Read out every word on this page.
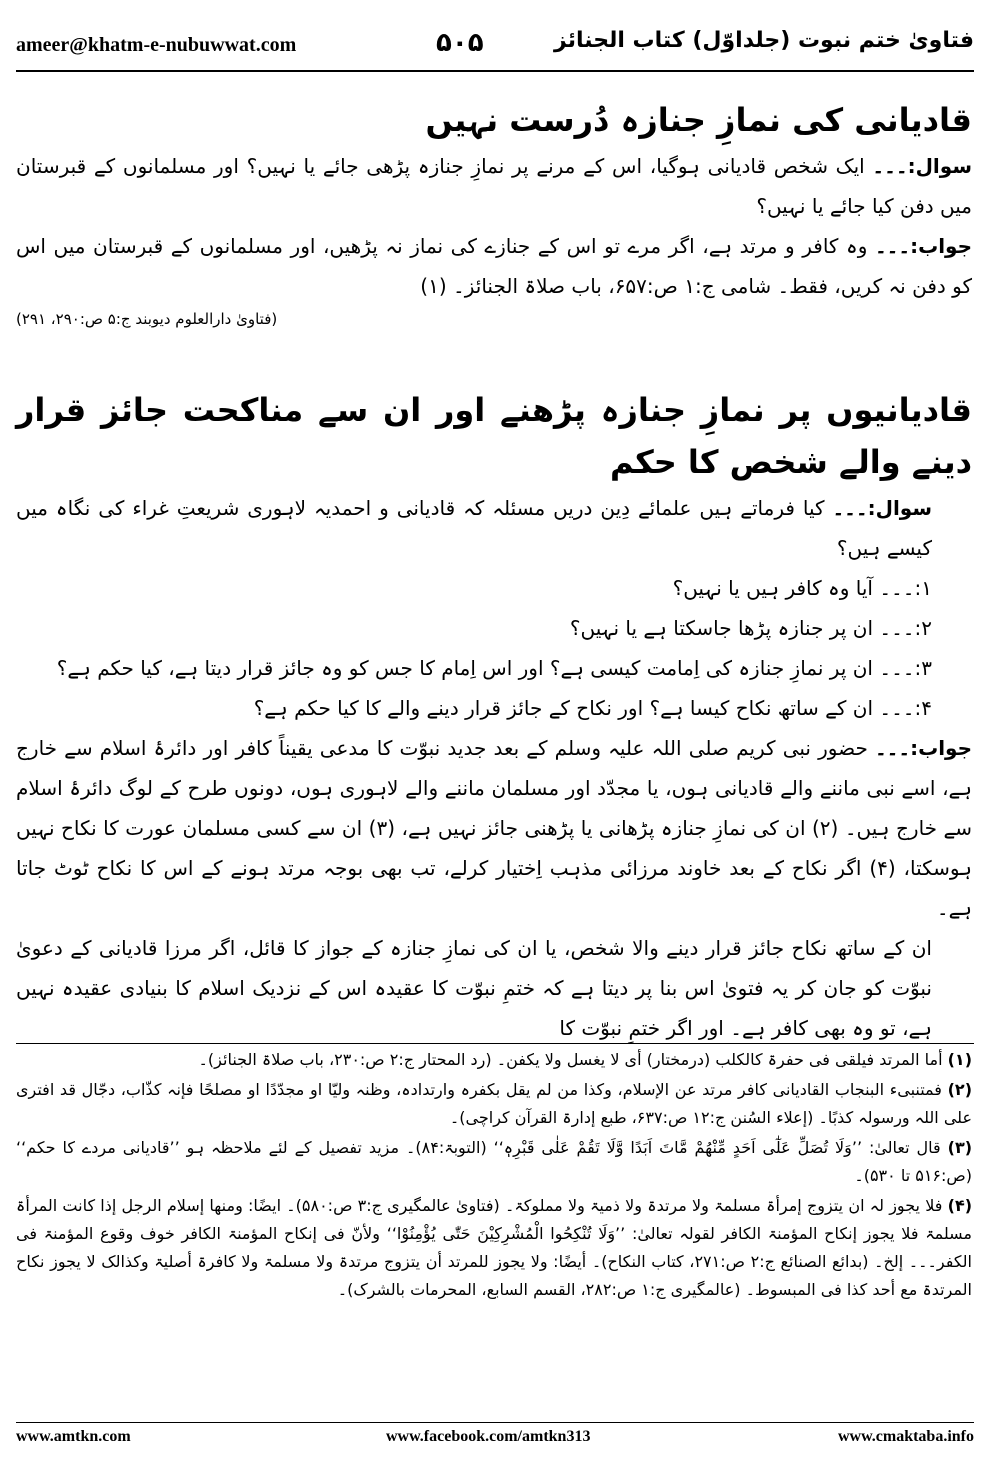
ameer@khatm-e-nubuwwat.com	۵۰۵	فتاویٰ ختم نبوت (جلداوّل) کتاب الجنائز
قادیانی کی نمازِ جنازہ دُرست نہیں

سوال:۔۔۔ ایک شخص قادیانی ہوگیا، اس کے مرنے پر نمازِ جنازہ پڑھی جائے یا نہیں؟ اور مسلمانوں کے قبرستان میں دفن کیا جائے یا نہیں؟

جواب:۔۔۔ وہ کافر و مرتد ہے، اگر مرے تو اس کے جنازے کی نماز نہ پڑھیں، اور مسلمانوں کے قبرستان میں اس کو دفن نہ کریں، فقط۔ شامی ج:۱ ص:۶۵۷، باب صلاۃ الجنائز۔ (۱)

(فتاویٰ دارالعلوم دیوبند ج:۵ ص:۲۹۰، ۲۹۱)
قادیانیوں پر نمازِ جنازہ پڑھنے اور ان سے مناکحت جائز قرار دینے والے شخص کا حکم

سوال:۔۔۔ کیا فرماتے ہیں علمائے دِین دریں مسئلہ کہ قادیانی و احمدیہ لاہوری شریعتِ غراء کی نگاہ میں کیسے ہیں؟

۱:۔۔۔ آیا وہ کافر ہیں یا نہیں؟

۲:۔۔۔ ان پر جنازہ پڑھا جاسکتا ہے یا نہیں؟

۳:۔۔۔ ان پر نمازِ جنازہ کی اِمامت کیسی ہے؟ اور اس اِمام کا جس کو وہ جائز قرار دیتا ہے، کیا حکم ہے؟

۴:۔۔۔ ان کے ساتھ نکاح کیسا ہے؟ اور نکاح کے جائز قرار دینے والے کا کیا حکم ہے؟

جواب:۔۔۔ حضور نبی کریم صلی اللہ علیہ وسلم کے بعد جدید نبوّت کا مدعی یقیناً کافر اور دائرۂ اسلام سے خارج ہے، اسے نبی ماننے والے قادیانی ہوں، یا مجدّد اور مسلمان ماننے والے لاہوری ہوں، دونوں طرح کے لوگ دائرۂ اسلام سے خارج ہیں۔ (۲) ان کی نمازِ جنازہ پڑھانی یا پڑھنی جائز نہیں ہے، (۳) ان سے کسی مسلمان عورت کا نکاح نہیں ہوسکتا، (۴) اگر نکاح کے بعد خاوند مرزائی مذہب اِختیار کرلے، تب بھی بوجہ مرتد ہونے کے اس کا نکاح ٹوٹ جاتا ہے۔

ان کے ساتھ نکاح جائز قرار دینے والا شخص، یا ان کی نمازِ جنازہ کے جواز کا قائل، اگر مرزا قادیانی کے دعویٰ نبوّت کو جان کر یہ فتویٰ اس بنا پر دیتا ہے کہ ختمِ نبوّت کا عقیدہ اس کے نزدیک اسلام کا بنیادی عقیدہ نہیں ہے، تو وہ بھی کافر ہے۔ اور اگر ختمِ نبوّت کا

(۱) أما المرتد فیلقی فی حفرۃ کالکلب (درمختار) أی لا یغسل ولا یکفن۔ (رد المحتار ج:۲ ص:۲۳۰، باب صلاۃ الجنائز)۔

(۲) فمتنبیء البنجاب القادیانی کافر مرتد عن الإسلام، وکذا من لم یقل بکفرہ وارتدادہ، وظنہ ولیّا او مجدّدًا او مصلحًا فإنہ کذّاب، دجّال قد افتری علی اللہ ورسولہ کذبًا۔ (إعلاء السُنن ج:۱۲ ص:۶۳۷، طبع إدارۃ القرآن کراچی)۔

(۳) قال تعالیٰ: ’’وَلَا تُصَلِّ عَلٰٓی اَحَدٍ مِّنْھُمْ مَّاتَ اَبَدًا وَّلَا تَقُمْ عَلٰی قَبْرِہٖ‘‘ (التوبۃ:۸۴)۔ مزید تفصیل کے لئے ملاحظہ ہو ’’قادیانی مردے کا حکم‘‘ (ص:۵۱۶ تا ۵۳۰)۔

(۴) فلا یجوز لہ ان یتزوج إمرأۃ مسلمۃ ولا مرتدۃ ولا ذمیۃ ولا مملوکۃ۔ (فتاویٰ عالمگیری ج:۳ ص:۵۸۰)۔ ایضًا: ومنھا إسلام الرجل إذا کانت المرأۃ مسلمۃ فلا یجوز إنکاح المؤمنۃ الکافر لقولہ تعالیٰ: ’’وَلَا تُنْکِحُوا الْمُشْرِکِیْنَ حَتّٰی یُؤْمِنُوْا‘‘ ولأنّ فی إنکاح المؤمنۃ الکافر خوف وقوع المؤمنۃ فی الکفر۔۔۔ إلخ۔ (بدائع الصنائع ج:۲ ص:۲۷۱، کتاب النکاح)۔ أیضًا: ولا یجوز للمرتد أن یتزوج مرتدۃ ولا مسلمۃ ولا کافرۃ أصلیۃ وکذالک لا یجوز نکاح المرتدۃ مع أحد کذا فی المبسوط۔ (عالمگیری ج:۱ ص:۲۸۲، القسم السابع، المحرمات بالشرک)۔

www.amtkn.com	www.facebook.com/amtkn313	www.cmaktaba.info
